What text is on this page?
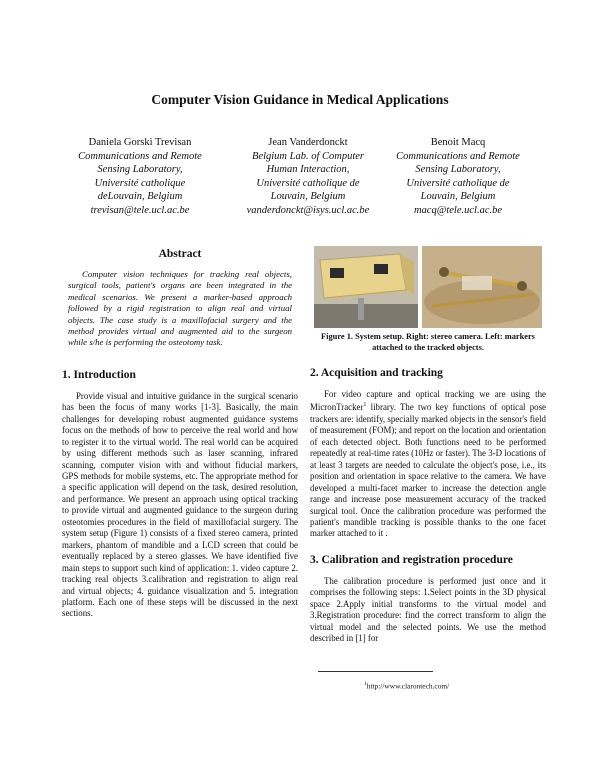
Computer Vision Guidance in Medical Applications
Daniela Gorski Trevisan
Communications and Remote
Sensing Laboratory,
Université catholique
deLouvain, Belgium
trevisan@tele.ucl.ac.be
Jean Vanderdonckt
Belgium Lab. of Computer
Human Interaction,
Université catholique de
Louvain, Belgium
vanderdonckt@isys.ucl.ac.be
Benoit Macq
Communications and Remote
Sensing Laboratory,
Université catholique de
Louvain, Belgium
macq@tele.ucl.ac.be
Abstract

Computer vision techniques for tracking real objects, surgical tools, patient's organs are been integrated in the medical scenarios. We present a marker-based approach followed by a rigid registration to align real and virtual objects. The case study is a maxillofacial surgery and the method provides virtual and augmented aid to the surgeon while s/he is performing the osteotomy task.

1. Introduction

Provide visual and intuitive guidance in the surgical scenario has been the focus of many works [1-3]. Basically, the main challenges for developing robust augmented guidance systems focus on the methods of how to perceive the real world and how to register it to the virtual world. The real world can be acquired by using different methods such as laser scanning, infrared scanning, computer vision with and without fiducial markers, GPS methods for mobile systems, etc. The appropriate method for a specific application will depend on the task, desired resolution, and performance. We present an approach using optical tracking to provide virtual and augmented guidance to the surgeon during osteotomies procedures in the field of maxillofacial surgery. The system setup (Figure 1) consists of a fixed stereo camera, printed markers, phantom of mandible and a LCD screen that could be eventually replaced by a stereo glasses. We have identified five main steps to support such kind of application: 1. video capture 2. tracking real objects 3.calibration and registration to align real and virtual objects; 4. guidance visualization and 5. integration platform. Each one of these steps will be discussed in the next sections.

Figure 1. System setup. Right: stereo camera. Left: markers attached to the tracked objects.
2. Acquisition and tracking

For video capture and optical tracking we are using the MicronTracker$^1$ library. The two key functions of optical pose trackers are: identify, specially marked objects in the sensor's field of measurement (FOM); and report on the location and orientation of each detected object. Both functions need to be performed repeatedly at real-time rates (10Hz or faster). The 3-D locations of at least 3 targets are needed to calculate the object's pose, i.e., its position and orientation in space relative to the camera. We have developed a multi-facet marker to increase the detection angle range and increase pose measurement accuracy of the tracked surgical tool. Once the calibration procedure was performed the patient's mandible tracking is possible thanks to the one facet marker attached to it .

3. Calibration and registration procedure

The calibration procedure is performed just once and it comprises the following steps: 1.Select points in the 3D physical space 2.Apply initial transforms to the virtual model and 3.Registration procedure: find the correct transform to align the virtual model and the selected points. We use the method described in [1] for

$^1$http://www.clarontech.com/
